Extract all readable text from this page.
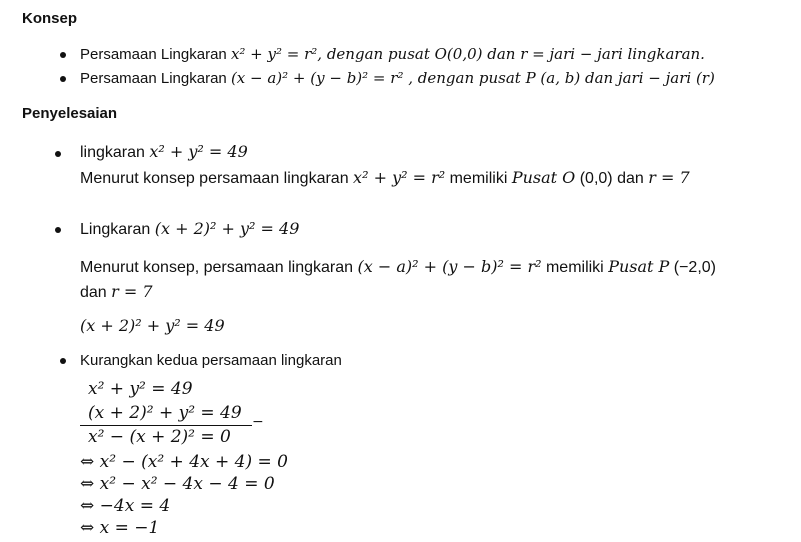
Konsep
Persamaan Lingkaran x² + y² = r², dengan pusat O(0,0) dan r = jari − jari lingkaran.
Persamaan Lingkaran (x − a)² + (y − b)² = r² , dengan pusat P (a, b) dan jari − jari (r)
Penyelesaian
lingkaran x² + y² = 49
Menurut konsep persamaan lingkaran x² + y² = r² memiliki Pusat O (0,0) dan r = 7
Lingkaran (x + 2)² + y² = 49
Menurut konsep, persamaan lingkaran (x − a)² + (y − b)² = r² memiliki Pusat P (−2,0)
dan r = 7
(x + 2)² + y² = 49
Kurangkan kedua persamaan lingkaran
x² + y² = 49
(x + 2)² + y² = 49 −
x² − (x + 2)² = 0
⇔ x² − (x² + 4x + 4) = 0
⇔ x² − x² − 4x − 4 = 0
⇔ −4x = 4
⇔ x = −1
